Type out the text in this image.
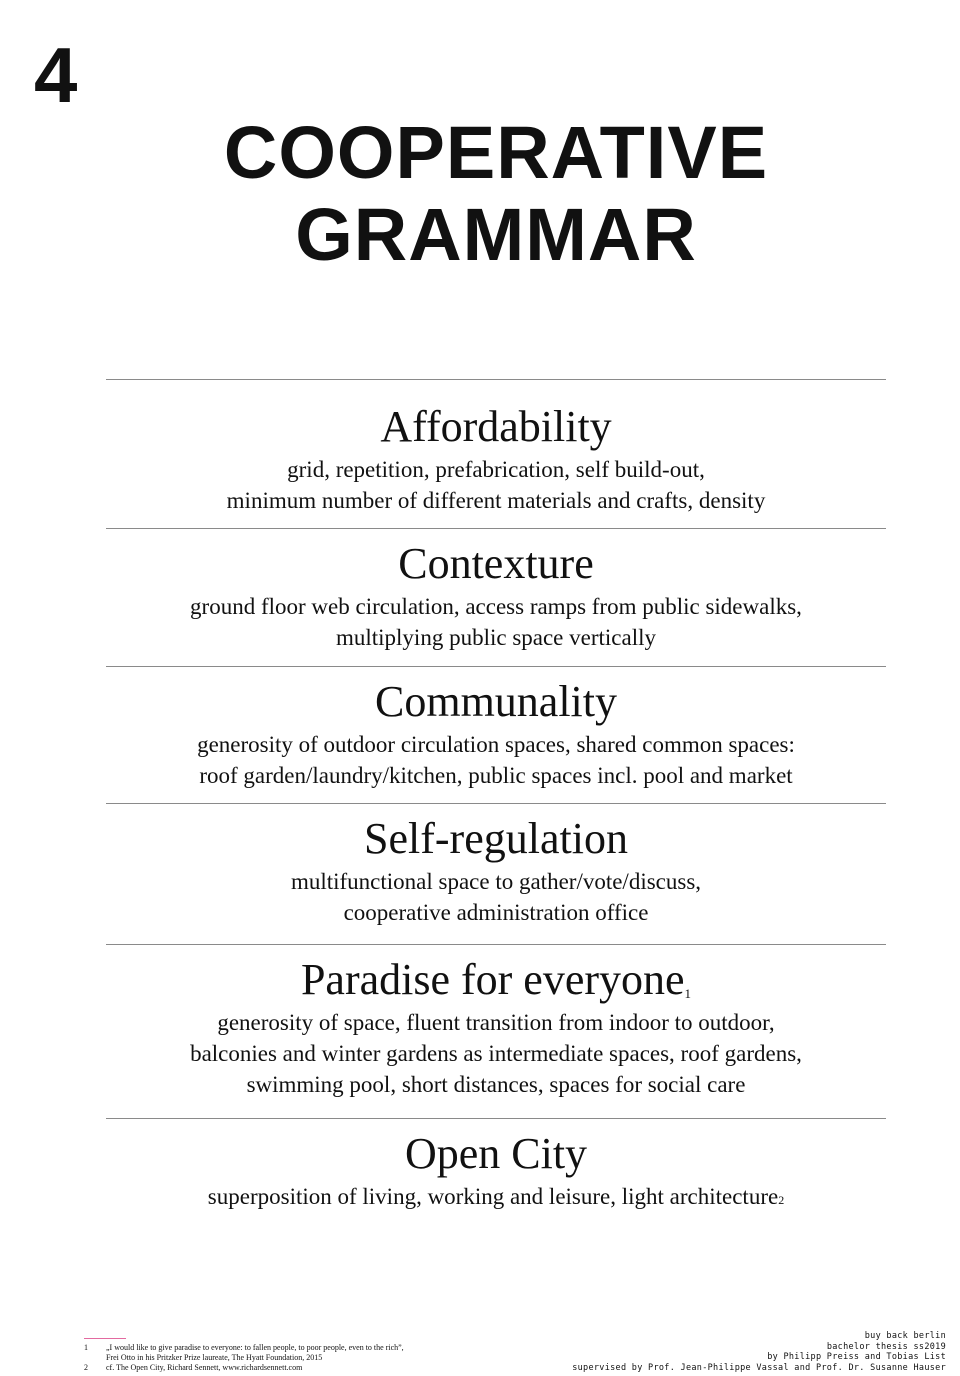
4
COOPERATIVE
GRAMMAR
Affordability
grid, repetition, prefabrication, self build-out,
minimum number of different materials and crafts, density
Contexture
ground floor web circulation, access ramps from public sidewalks,
multiplying public space vertically
Communality
generosity of outdoor circulation spaces, shared common spaces:
roof garden/laundry/kitchen, public spaces incl. pool and market
Self-regulation
multifunctional space to gather/vote/discuss,
cooperative administration office
Paradise for everyone$^1$
generosity of space, fluent transition from indoor to outdoor,
balconies and winter gardens as intermediate spaces, roof gardens,
swimming pool, short distances, spaces for social care
Open City
superposition of living, working and leisure, light architecture$^2$
1	„I would like to give paradise to everyone: to fallen people, to poor people, even to the rich”,
Frei Otto in his Pritzker Prize laureate, The Hyatt Foundation, 2015
2	cf. The Open City, Richard Sennett, www.richardsennett.com
buy back berlin
bachelor thesis ss2019
by Philipp Preiss and Tobias List
supervised by Prof. Jean-Philippe Vassal and Prof. Dr. Susanne Hauser
